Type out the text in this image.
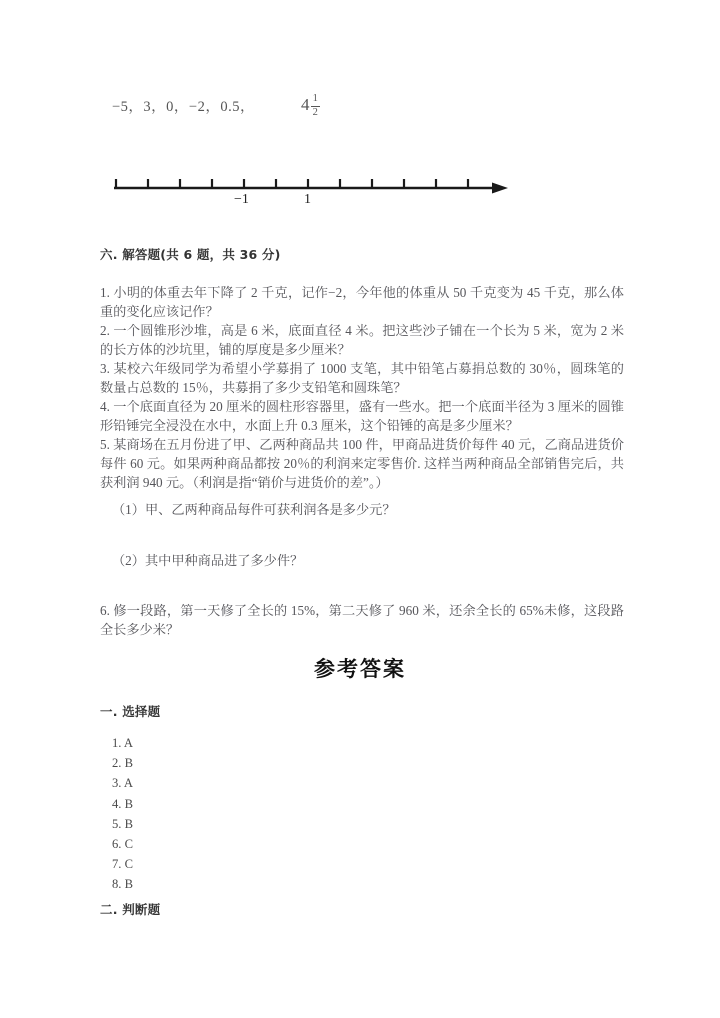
−5，3，0，−2，0.5，	$4 \frac{1}{2}$
−1	1
六. 解答题(共 6 题，共 36 分)

1. 小明的体重去年下降了 2 千克，记作−2，今年他的体重从 50 千克变为 45 千克，那么体重的变化应该记作？

2. 一个圆锥形沙堆，高是 6 米，底面直径 4 米。把这些沙子铺在一个长为 5 米，宽为 2 米的长方体的沙坑里，铺的厚度是多少厘米？

3. 某校六年级同学为希望小学募捐了 1000 支笔，其中铅笔占募捐总数的 30％，圆珠笔的数量占总数的 15％，共募捐了多少支铅笔和圆珠笔？

4. 一个底面直径为 20 厘米的圆柱形容器里，盛有一些水。把一个底面半径为 3 厘米的圆锥形铅锤完全浸没在水中，水面上升 0.3 厘米，这个铅锤的高是多少厘米？

5. 某商场在五月份进了甲、乙两种商品共 100 件，甲商品进货价每件 40 元，乙商品进货价每件 60 元。如果两种商品都按 20％的利润来定零售价. 这样当两种商品全部销售完后，共获利润 940 元。（利润是指“销价与进货价的差”。）

（1）甲、乙两种商品每件可获利润各是多少元？
（2）其中甲种商品进了多少件？
6. 修一段路，第一天修了全长的 15%，第二天修了 960 米，还余全长的 65%未修，这段路全长多少米？
参考答案
一. 选择题
1. A
2. B
3. A
4. B
5. B
6. C
7. C
8. B
二. 判断题
